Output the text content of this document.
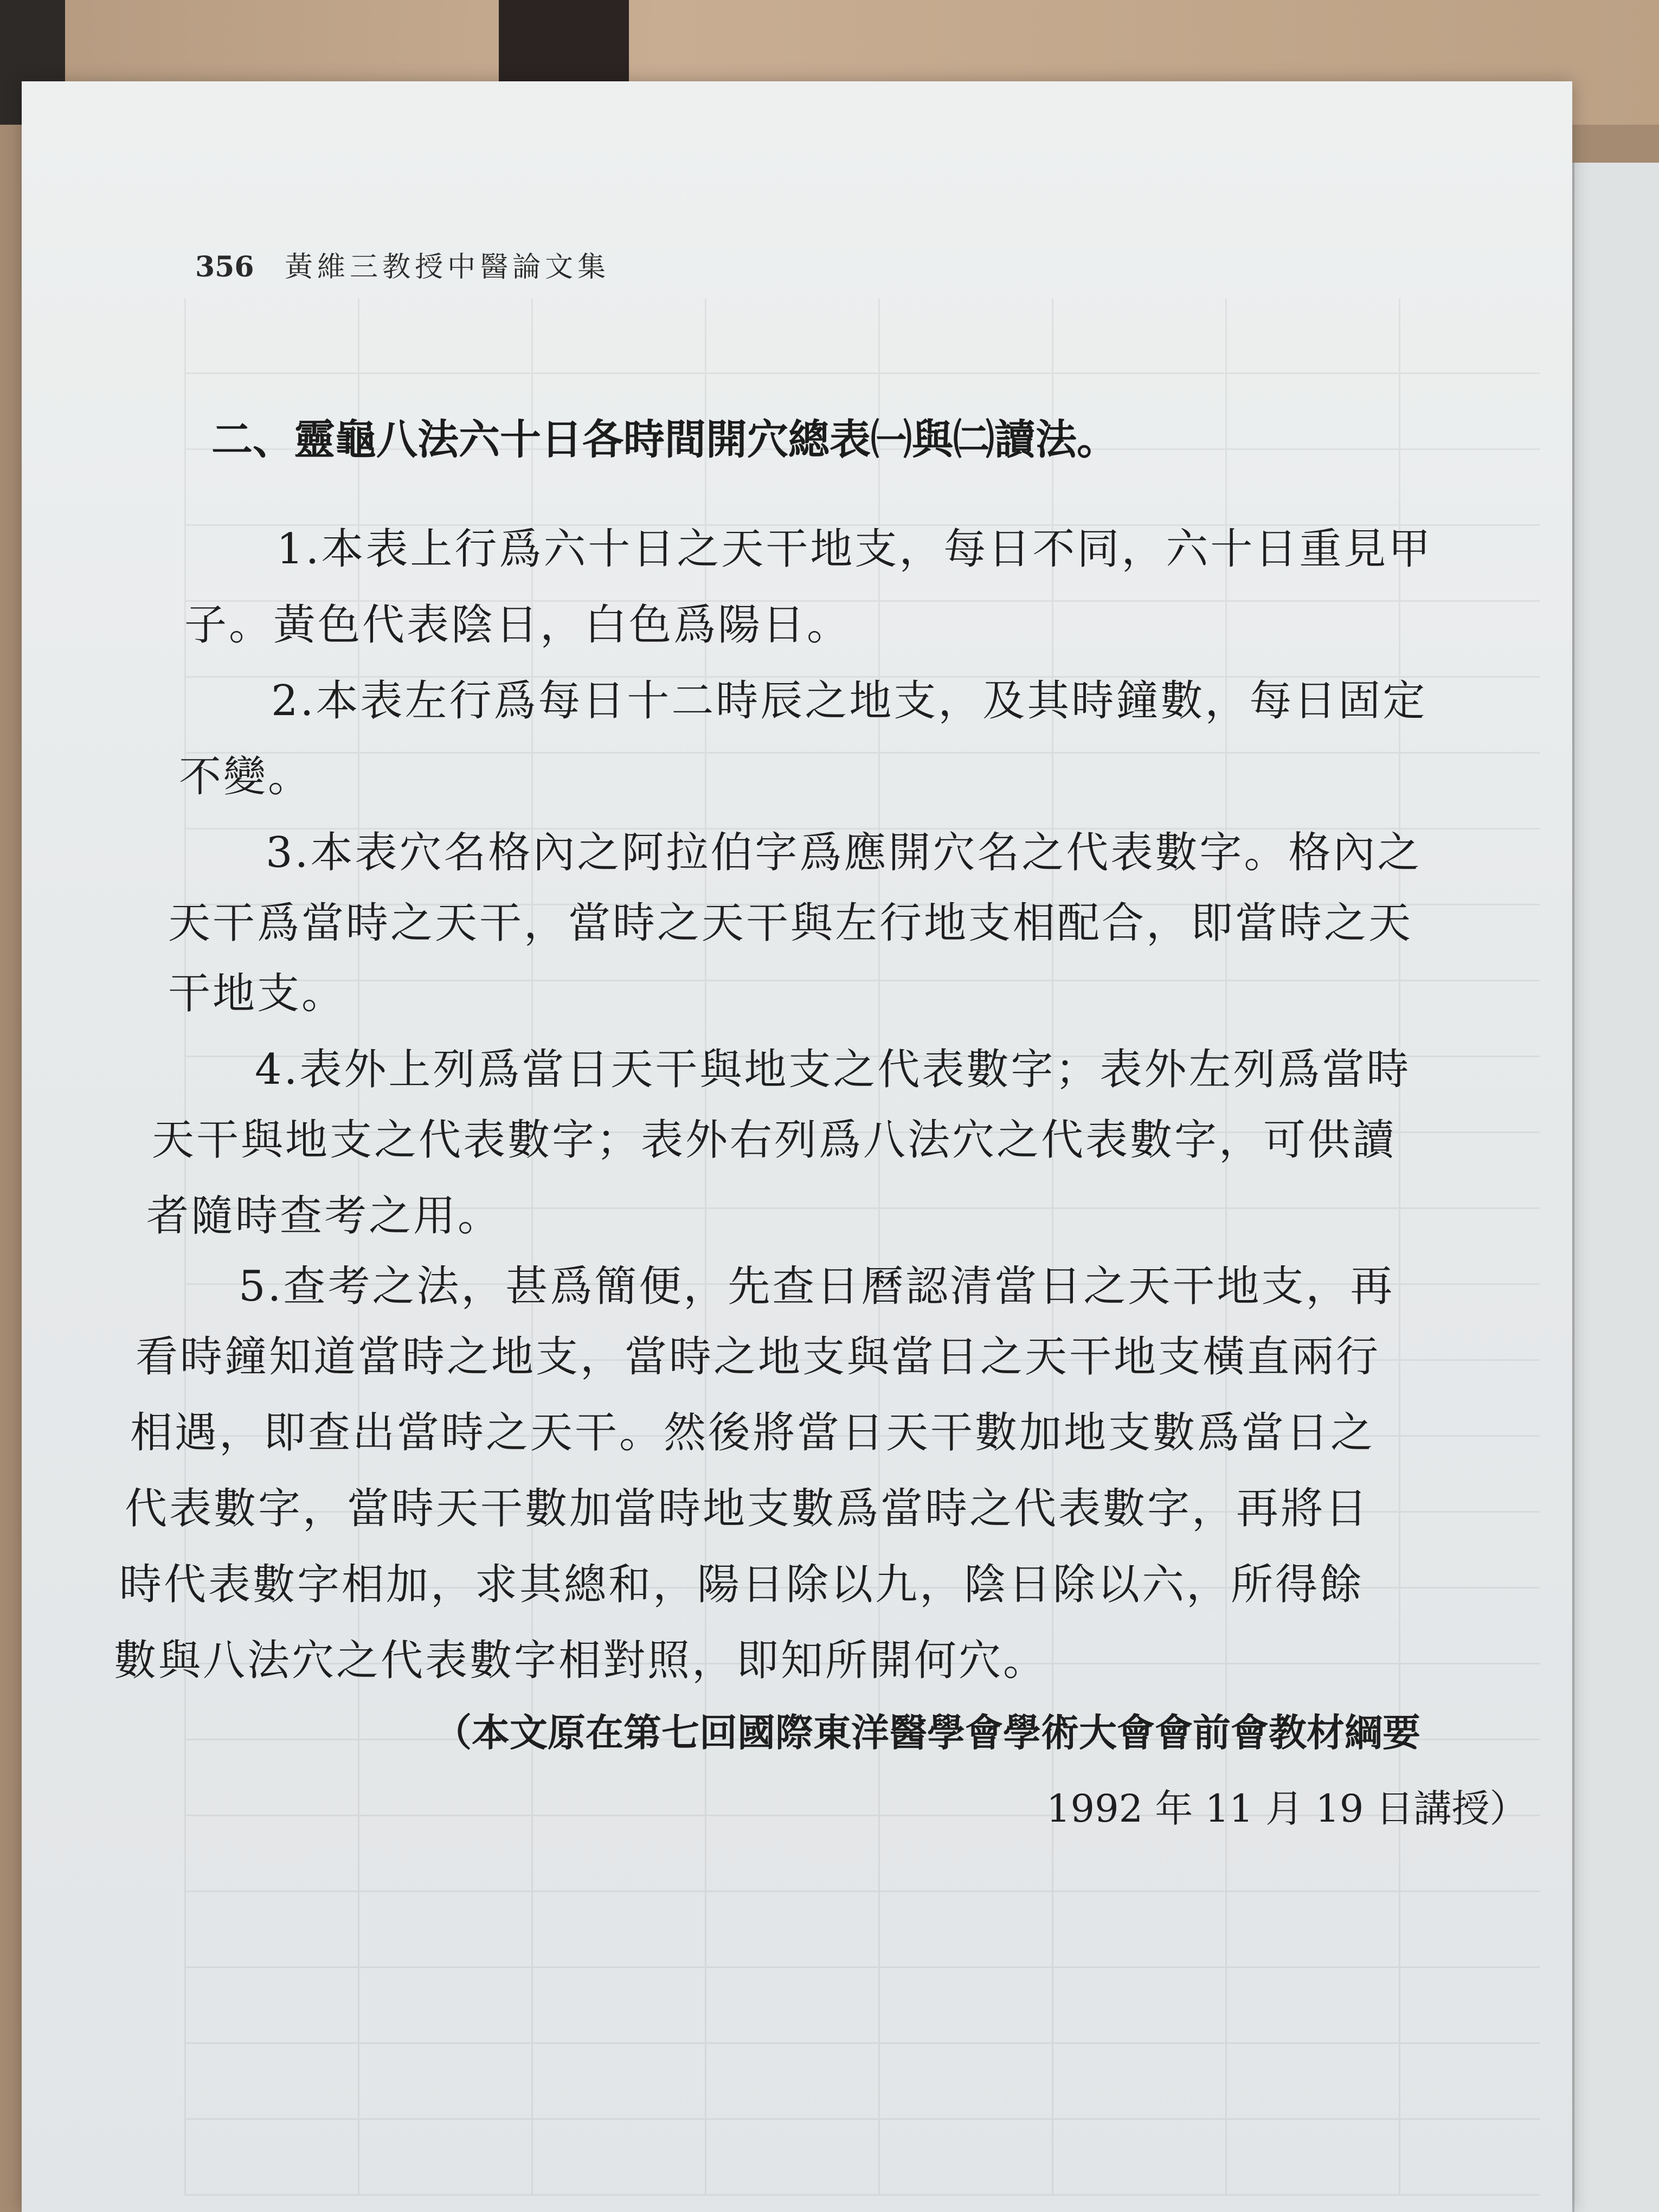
356 黃維三教授中醫論文集
二、靈龜八法六十日各時間開穴總表㈠與㈡讀法。
1.本表上行爲六十日之天干地支，每日不同，六十日重見甲
子。黃色代表陰日，白色爲陽日。
2.本表左行爲每日十二時辰之地支，及其時鐘數，每日固定
不變。
3.本表穴名格內之阿拉伯字爲應開穴名之代表數字。格內之
天干爲當時之天干，當時之天干與左行地支相配合，即當時之天
干地支。
4.表外上列爲當日天干與地支之代表數字；表外左列爲當時
天干與地支之代表數字；表外右列爲八法穴之代表數字，可供讀
者隨時查考之用。
5.查考之法，甚爲簡便，先查日曆認清當日之天干地支，再
看時鐘知道當時之地支，當時之地支與當日之天干地支橫直兩行
相遇，即查出當時之天干。然後將當日天干數加地支數爲當日之
代表數字，當時天干數加當時地支數爲當時之代表數字，再將日
時代表數字相加，求其總和，陽日除以九，陰日除以六，所得餘
數與八法穴之代表數字相對照，即知所開何穴。
（本文原在第七回國際東洋醫學會學術大會會前會教材綱要
1992 年 11 月 19 日講授）
